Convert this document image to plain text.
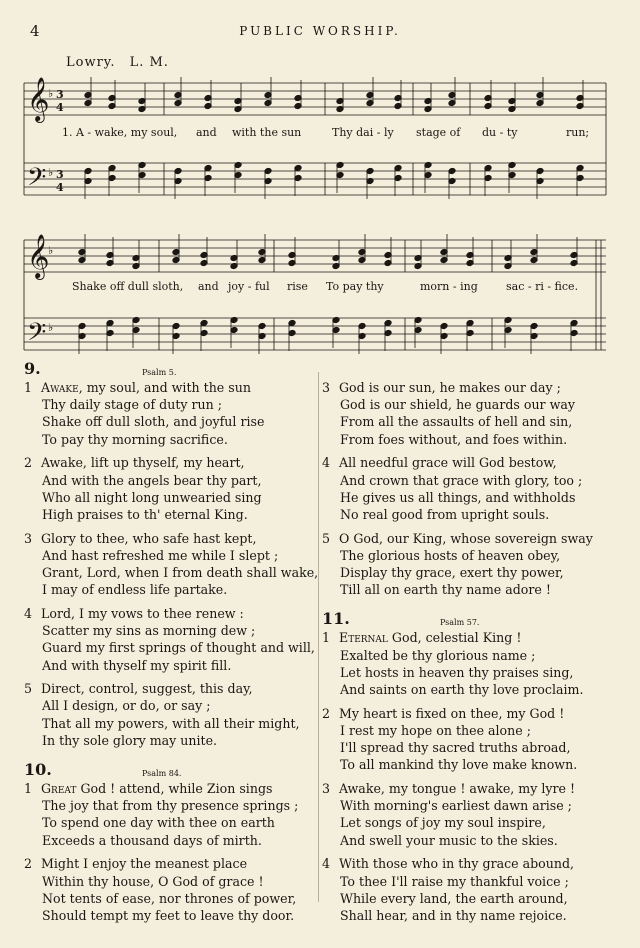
4	PUBLIC WORSHIP.
Lowry. L. M.
𝄞
𝄢
𝄞
𝄢
♭
♭
♭
♭
3
4
3
4
1. A - wake, my soul, and with the sun	Thy dai - ly stage of du - ty	run;
Shake off dull sloth, and joy - ful rise To pay thy	morn - ing	sac - ri - fice.
9.	Psalm 5.
1 Awake, my soul, and with the sun
Thy daily stage of duty run ;
Shake off dull sloth, and joyful rise
To pay thy morning sacrifice.
2 Awake, lift up thyself, my heart,
And with the angels bear thy part,
Who all night long unwearied sing
High praises to th' eternal King.
3 Glory to thee, who safe hast kept,
And hast refreshed me while I slept ;
Grant, Lord, when I from death shall wake,
I may of endless life partake.
4 Lord, I my vows to thee renew :
Scatter my sins as morning dew ;
Guard my first springs of thought and will,
And with thyself my spirit fill.
5 Direct, control, suggest, this day,
All I design, or do, or say ;
That all my powers, with all their might,
In thy sole glory may unite.
10.	Psalm 84.
1 Great God ! attend, while Zion sings
The joy that from thy presence springs ;
To spend one day with thee on earth
Exceeds a thousand days of mirth.
2 Might I enjoy the meanest place
Within thy house, O God of grace !
Not tents of ease, nor thrones of power,
Should tempt my feet to leave thy door.
3 God is our sun, he makes our day ;
God is our shield, he guards our way
From all the assaults of hell and sin,
From foes without, and foes within.
4 All needful grace will God bestow,
And crown that grace with glory, too ;
He gives us all things, and withholds
No real good from upright souls.
5 O God, our King, whose sovereign sway
The glorious hosts of heaven obey,
Display thy grace, exert thy power,
Till all on earth thy name adore !
11.	Psalm 57.
1 Eternal God, celestial King !
Exalted be thy glorious name ;
Let hosts in heaven thy praises sing,
And saints on earth thy love proclaim.
2 My heart is fixed on thee, my God !
I rest my hope on thee alone ;
I'll spread thy sacred truths abroad,
To all mankind thy love make known.
3 Awake, my tongue ! awake, my lyre !
With morning's earliest dawn arise ;
Let songs of joy my soul inspire,
And swell your music to the skies.
4 With those who in thy grace abound,
To thee I'll raise my thankful voice ;
While every land, the earth around,
Shall hear, and in thy name rejoice.
